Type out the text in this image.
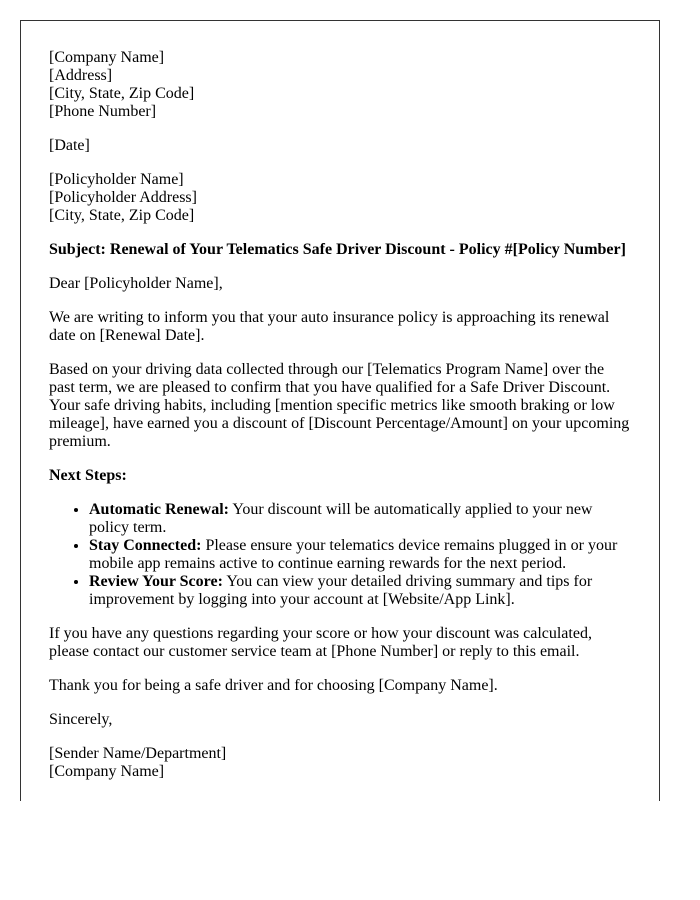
[Company Name]
[Address]
[City, State, Zip Code]
[Phone Number]

[Date]

[Policyholder Name]
[Policyholder Address]
[City, State, Zip Code]

Subject: Renewal of Your Telematics Safe Driver Discount - Policy #[Policy Number]

Dear [Policyholder Name],

We are writing to inform you that your auto insurance policy is approaching its renewal date on [Renewal Date].

Based on your driving data collected through our [Telematics Program Name] over the past term, we are pleased to confirm that you have qualified for a Safe Driver Discount. Your safe driving habits, including [mention specific metrics like smooth braking or low mileage], have earned you a discount of [Discount Percentage/Amount] on your upcoming premium.

Next Steps:

• Automatic Renewal: Your discount will be automatically applied to your new policy term.
• Stay Connected: Please ensure your telematics device remains plugged in or your mobile app remains active to continue earning rewards for the next period.
• Review Your Score: You can view your detailed driving summary and tips for improvement by logging into your account at [Website/App Link].

If you have any questions regarding your score or how your discount was calculated, please contact our customer service team at [Phone Number] or reply to this email.

Thank you for being a safe driver and for choosing [Company Name].

Sincerely,

[Sender Name/Department]
[Company Name]
